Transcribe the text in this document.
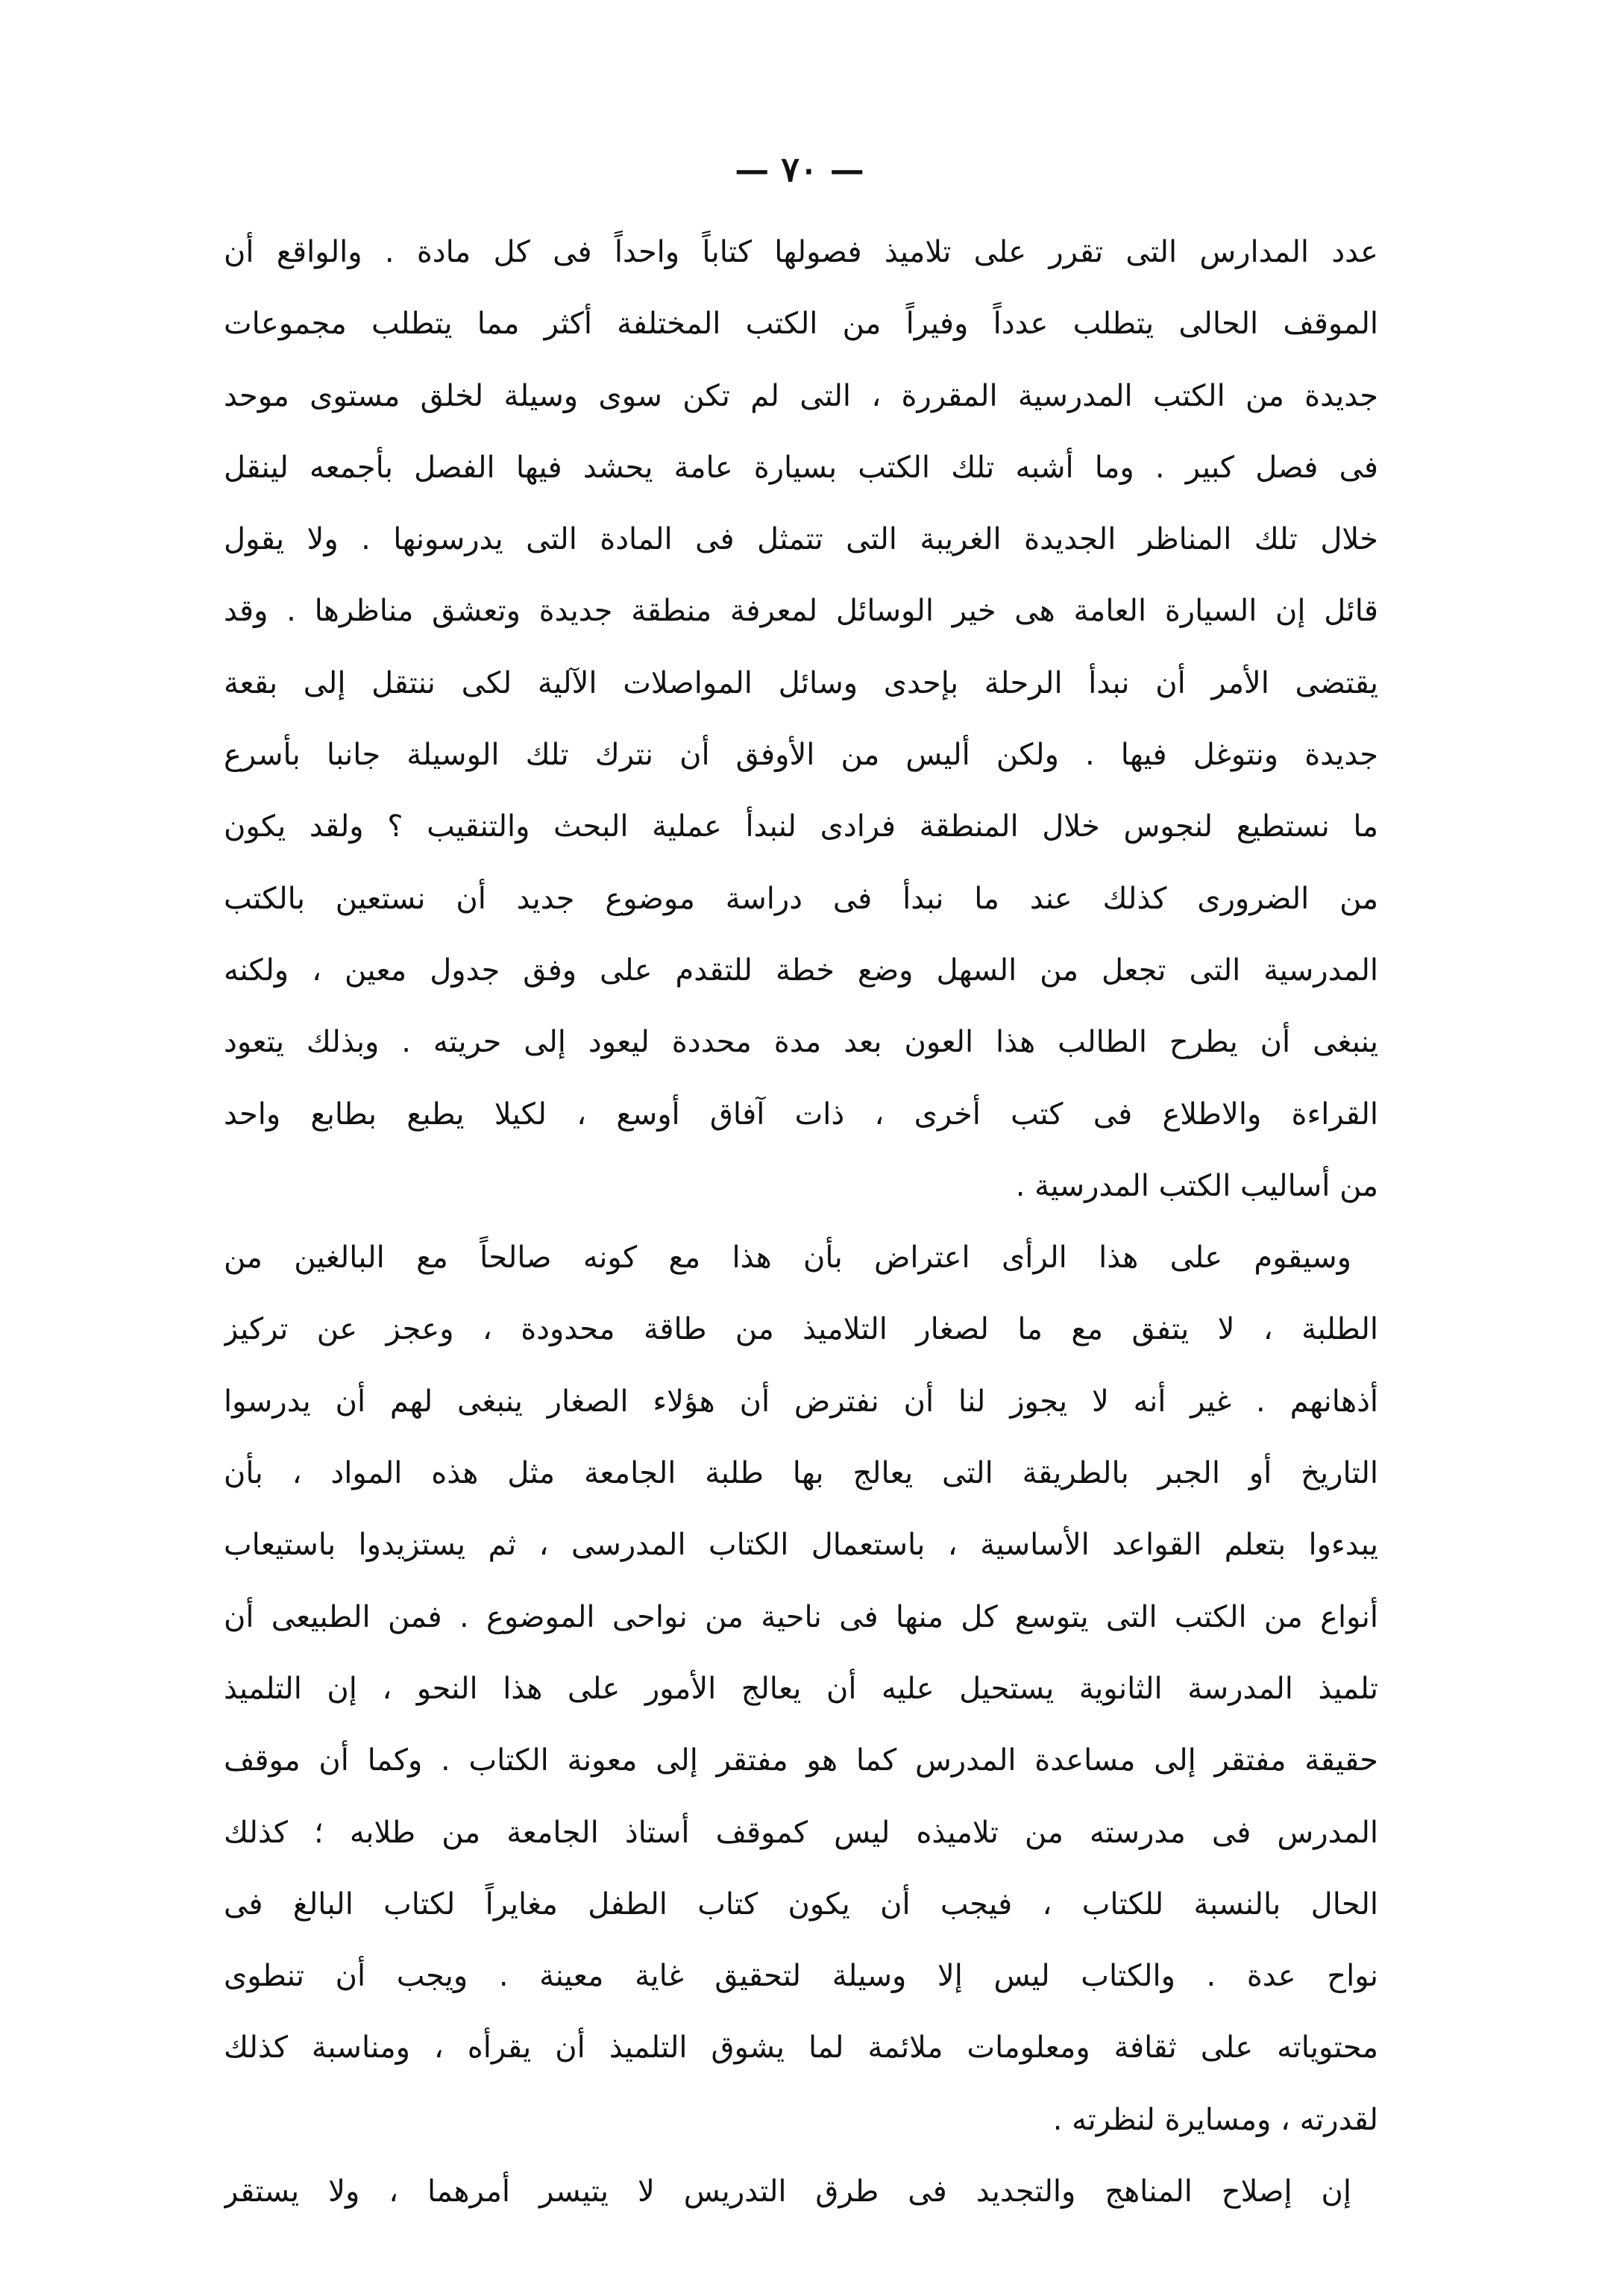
— ٧٠ —
عدد المدارس التى تقرر على تلاميذ فصولها كتاباً واحداً فى كل مادة . والواقع أن
الموقف الحالى يتطلب عدداً وفيراً من الكتب المختلفة أكثر مما يتطلب مجموعات
جديدة من الكتب المدرسية المقررة ، التى لم تكن سوى وسيلة لخلق مستوى موحد
فى فصل كبير . وما أشبه تلك الكتب بسيارة عامة يحشد فيها الفصل بأجمعه لينقل
خلال تلك المناظر الجديدة الغريبة التى تتمثل فى المادة التى يدرسونها . ولا يقول
قائل إن السيارة العامة هى خير الوسائل لمعرفة منطقة جديدة وتعشق مناظرها . وقد
يقتضى الأمر أن نبدأ الرحلة بإحدى وسائل المواصلات الآلية لكى ننتقل إلى بقعة
جديدة ونتوغل فيها . ولكن أليس من الأوفق أن نترك تلك الوسيلة جانبا بأسرع
ما نستطيع لنجوس خلال المنطقة فرادى لنبدأ عملية البحث والتنقيب ؟ ولقد يكون
من الضرورى كذلك عند ما نبدأ فى دراسة موضوع جديد أن نستعين بالكتب
المدرسية التى تجعل من السهل وضع خطة للتقدم على وفق جدول معين ، ولكنه
ينبغى أن يطرح الطالب هذا العون بعد مدة محددة ليعود إلى حريته . وبذلك يتعود
القراءة والاطلاع فى كتب أخرى ، ذات آفاق أوسع ، لكيلا يطبع بطابع واحد
من أساليب الكتب المدرسية .
وسيقوم على هذا الرأى اعتراض بأن هذا مع كونه صالحاً مع البالغين من
الطلبة ، لا يتفق مع ما لصغار التلاميذ من طاقة محدودة ، وعجز عن تركيز
أذهانهم . غير أنه لا يجوز لنا أن نفترض أن هؤلاء الصغار ينبغى لهم أن يدرسوا
التاريخ أو الجبر بالطريقة التى يعالج بها طلبة الجامعة مثل هذه المواد ، بأن
يبدءوا بتعلم القواعد الأساسية ، باستعمال الكتاب المدرسى ، ثم يستزيدوا باستيعاب
أنواع من الكتب التى يتوسع كل منها فى ناحية من نواحى الموضوع . فمن الطبيعى أن
تلميذ المدرسة الثانوية يستحيل عليه أن يعالج الأمور على هذا النحو ، إن التلميذ
حقيقة مفتقر إلى مساعدة المدرس كما هو مفتقر إلى معونة الكتاب . وكما أن موقف
المدرس فى مدرسته من تلاميذه ليس كموقف أستاذ الجامعة من طلابه ؛ كذلك
الحال بالنسبة للكتاب ، فيجب أن يكون كتاب الطفل مغايراً لكتاب البالغ فى
نواح عدة . والكتاب ليس إلا وسيلة لتحقيق غاية معينة . ويجب أن تنطوى
محتوياته على ثقافة ومعلومات ملائمة لما يشوق التلميذ أن يقرأه ، ومناسبة كذلك
لقدرته ، ومسايرة لنظرته .
إن إصلاح المناهج والتجديد فى طرق التدريس لا يتيسر أمرهما ، ولا يستقر
